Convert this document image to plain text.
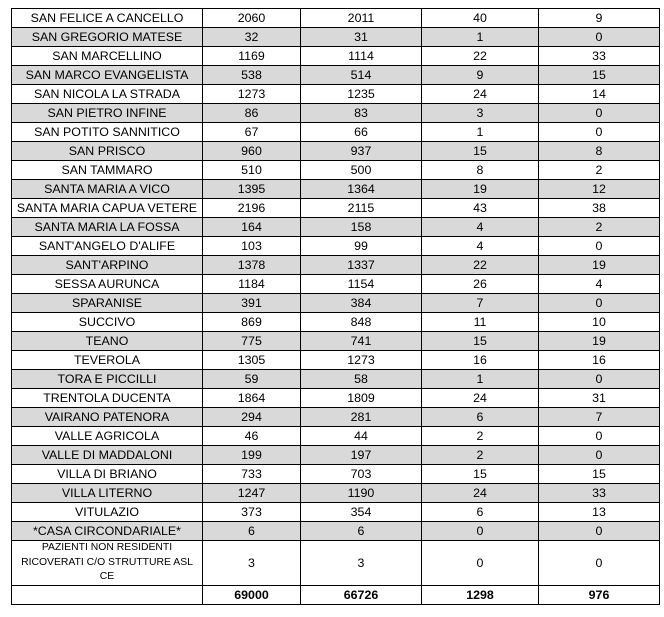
SAN FELICE A CANCELLO	2060	2011	40	9
SAN GREGORIO MATESE	32	31	1	0
SAN MARCELLINO	1169	1114	22	33
SAN MARCO EVANGELISTA	538	514	9	15
SAN NICOLA LA STRADA	1273	1235	24	14
SAN PIETRO INFINE	86	83	3	0
SAN POTITO SANNITICO	67	66	1	0
SAN PRISCO	960	937	15	8
SAN TAMMARO	510	500	8	2
SANTA MARIA A VICO	1395	1364	19	12
SANTA MARIA CAPUA VETERE	2196	2115	43	38
SANTA MARIA LA FOSSA	164	158	4	2
SANT'ANGELO D'ALIFE	103	99	4	0
SANT'ARPINO	1378	1337	22	19
SESSA AURUNCA	1184	1154	26	4
SPARANISE	391	384	7	0
SUCCIVO	869	848	11	10
TEANO	775	741	15	19
TEVEROLA	1305	1273	16	16
TORA E PICCILLI	59	58	1	0
TRENTOLA DUCENTA	1864	1809	24	31
VAIRANO PATENORA	294	281	6	7
VALLE AGRICOLA	46	44	2	0
VALLE DI MADDALONI	199	197	2	0
VILLA DI BRIANO	733	703	15	15
VILLA LITERNO	1247	1190	24	33
VITULAZIO	373	354	6	13
*CASA CIRCONDARIALE*	6	6	0	0
PAZIENTI NON RESIDENTI RICOVERATI C/O STRUTTURE ASL CE	3	3	0	0
	69000	66726	1298	976
